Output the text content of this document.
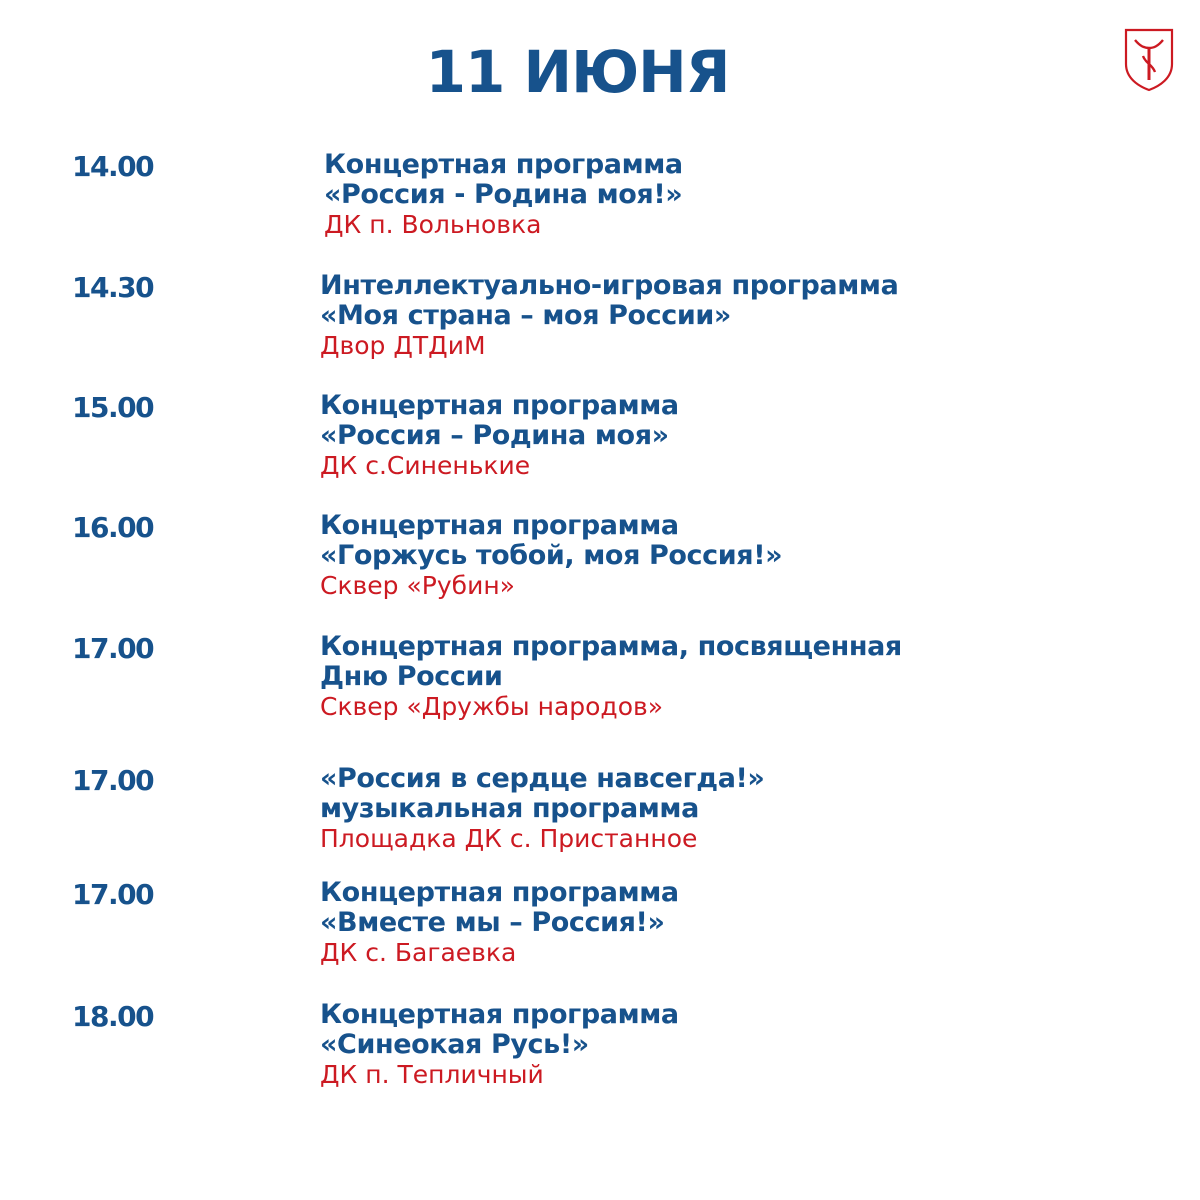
11 ИЮНЯ
14.00	Концертная программа
«Россия - Родина моя!»
ДК п. Вольновка
14.30	Интеллектуально-игровая программа
«Моя страна – моя России»
Двор ДТДиМ
15.00	Концертная программа
«Россия – Родина моя»
ДК с.Синенькие
16.00	Концертная программа
«Горжусь тобой, моя Россия!»
Сквер «Рубин»
17.00	Концертная программа, посвященная
Дню России
Сквер «Дружбы народов»
17.00	«Россия в сердце навсегда!»
музыкальная программа
Площадка ДК с. Пристанное
17.00	Концертная программа
«Вместе мы – Россия!»
ДК с. Багаевка
18.00	Концертная программа
«Синеокая Русь!»
ДК п. Тепличный
